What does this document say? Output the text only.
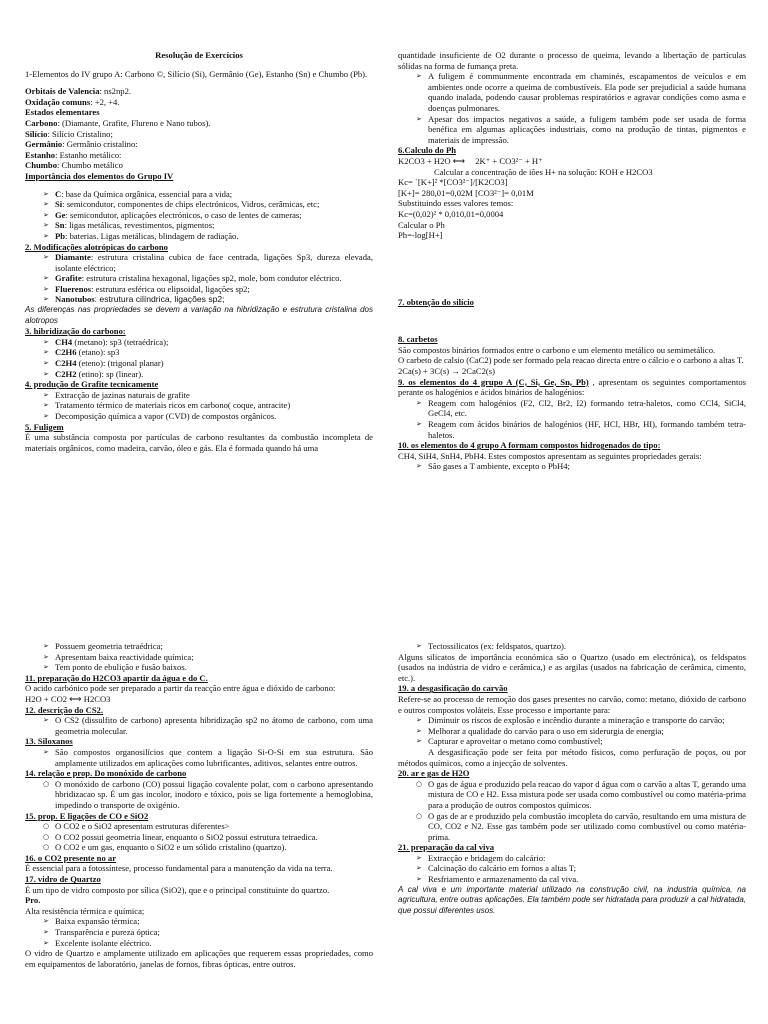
Resolução de Exercícios

1-Elementos do IV grupo A: Carbono ©, Silício (Si), Germânio (Ge), Estanho (Sn) e Chumbo (Pb).

Orbitais de Valencia: ns2np2.

Oxidação comuns: +2, +4.

Estados elementares

Carbono: (Diamante, Grafite, Flureno e Nano tubos).

Silício: Silício Cristalino;

Germânio: Germânio cristalino:

Estanho: Estanho metálico:

Chumbo: Chumbo metálico

Importância dos elementos do Grupo IV

➢ C: base da Química orgânica, essencial para a vida;
➢ Si: semicondutor, componentes de chips electrónicos, Vidros, cerâmicas, etc;
➢ Ge: semicondutor, aplicações electrónicos, o caso de lentes de cameras;
➢ Sn: ligas metálicas, revestimentos, pigmentos;
➢ Pb: baterias. Ligas metálicas, blindagem de radiação.

2. Modificações alotrópicas do carbono

➢ Diamante: estrutura cristalina cubica de face centrada, ligações Sp3, dureza elevada, isolante eléctrico;
➢ Grafite: estrutura cristalina hexagonal, ligações sp2, mole, bom condutor eléctrico.
➢ Fluerenos: estrutura esférica ou elipsoidal, ligações sp2;
➢ Nanotubos: estrutura cilíndrica, ligações sp2;

As diferenças nas propriedades se devem a variação na hibridização e estrutura cristalina dos alotropos

3. hibridização do carbono:

➢ CH4 (metano): sp3 (tetraédrica);
➢ C2H6 (etano): sp3
➢ C2H4 (eteno): (trigonal planar)
➢ C2H2 (etino): sp (linear).

4. produção de Grafite tecnicamente

➢ Extracção de jazinas naturais de grafite
➢ Tratamento térmico de materiais ricos em carbono( coque, antracite)
➢ Decomposição química a vapor (CVD) de compostos orgânicos.

5. Fuligem

É uma substância composta por partículas de carbono resultantes da combustão incompleta de materiais orgânicos, como madeira, carvão, óleo e gás. Ela é formada quando há uma

quantidade insuficiente de O2 durante o processo de queima, levando a libertação de partículas sólidas na forma de fumança preta.

➢ A fuligem é communmente encontrada em chaminés, escapamentos de veículos e em ambientes onde ocorre a queima de combustíveis. Ela pode ser prejudicial a saúde humana quando inalada, podendo causar problemas respiratórios e agravar condições como asma e doenças pulmonares.
➢ Apesar dos impactos negativos a saúde, a fuligem também pode ser usada de forma benéfica em algumas aplicações industriais, como na produção de tintas, pigmentos e materiais de impressão.

6.Calculo do Ph

K2CO3 + H2O ⟷ 2K⁺ + CO3²⁻ + H⁺

Calcular a concentração de iões H+ na solução: KOH e H2CO3

Kc= `[K+]² *[CO3²⁻]/[K2CO3]

[K+]= 280,01=0,02M [CO3²⁻]= 0,01M

Substituindo esses valores temos:

Kc=(0,02)² * 0,010,01=0,0004

Calcular o Ph

Ph=-log[H+]

7. obtenção do silício

8. carbetos

São compostos binários formados entre o carbono e um elemento metálico ou semimetálico.

O carbeto de calsio (CaC2) pode ser formado pela reacao directa entre o cálcio e o carbono a altas T.

2Ca(s) + 3C(s) → 2CaC2(s)

9. os elementos do 4 grupo A (C, Si, Ge, Sn, Pb) , apresentam os seguintes comportamentos perante os halogénios e ácidos binários de halogénios:

➢ Reagem com halogénios (F2, Cl2, Br2, I2) formando tetra-haletos, como CCl4, SiCl4, GeCl4, etc.
➢ Reagem com ácidos binários de halogénios (HF, HCl, HBr, HI), formando também tetra-haletos.

10. os elementos do 4 grupo A formam compostos hidrogenados do tipo:

CH4, SiH4, SnH4, PbH4. Estes compostos apresentam as seguintes propriedades gerais:

➢ São gases a T ambiente, excepto o PbH4;
➢ Possuem geometria tetraédrica;
➢ Apresentam baixa reactividade química;
➢ Tem ponto de ebulição e fusão baixos.

11. preparação do H2CO3 apartir da água e do C.

O acido carbónico pode ser preparado a partir da reacção entre água e dióxido de carbono:

H2O + CO2 ⟷ H2CO3

12. descrição do CS2.

➢ O CS2 (dissulfito de carbono) apresenta hibridização sp2 no átomo de carbono, com uma geometria molecular.

13. Siloxanos

➢ São compostos organosilícios que contem a ligação Si-O-Si em sua estrutura. São amplamente utilizados em aplicações como lubrificantes, aditivos, selantes entre outros.

14. relação e prop. Do monóxido de carbono

○ O monóxido de carbono (CO) possui ligação covalente polar, com o carbono apresentando hbridizacao sp. É um gas incolor, inodoro e tóxico, pois se liga fortemente a hemoglobina, impedindo o transporte de oxigénio.

15. prop. E ligações de CO e SiO2

○ O CO2 e o SiO2 apresentam estruturas diferentes>
○ O CO2 possui geometria linear, enquanto o SiO2 possui estrutura tetraedica.
○ O CO2 e um gas, enquanto o SiO2 e um sólido cristalino (quartzo).

16. o CO2 presente no ar

É essencial para a fotossíntese, processo fundamental para a manutenção da vida na terra.

17. vidro de Quartzo

É um tipo de vidro composto por sílica (SiO2), que e o principal constituinte do quartzo.

Pro.

Alta resistência térmica e química;

➢ Baixa expansão térmica;
➢ Transparência e pureza óptica;
➢ Excelente isolante eléctrico.

O vidro de Quartzo e amplamente utilizado em aplicações que requerem essas propriedades, como em equipamentos de laboratório, janelas de fornos, fibras ópticas, entre outros.

➢ Tectossilicatos (ex: feldspatos, quartzo).

Alguns silicatos de importância económica são o Quartzo (usado em electrónica), os feldspatos (usados na indústria de vidro e cerâmica,) e as argilas (usados na fabricação de cerâmica, cimento, etc.).

19. a desgasificação do carvão

Refere-se ao processo de remoção dos gases presentes no carvão, como: metano, dióxido de carbono e outros compostos voláteis. Esse processo e importante para:

➢ Diminuir os riscos de explosão e incêndio durante a mineração e transporte do carvão;
➢ Melhorar a qualidade do carvão para o uso em siderurgia de energia;
➢ Capturar e aproveitar o metano como combustível;

A desgasificação pode ser feita por método físicos, como perfuração de poços, ou por métodos químicos, como a injecção de solventes.

20. ar e gas de H2O

○ O gas de água e produzido pela reacao do vapor d água com o carvão a altas T, gerando uma mistura de CO e H2. Essa mistura pode ser usada como combustível ou como matéria-prima para a produção de outros compostos químicos.
○ O gas de ar e produzido pela combustão imcopleta do carvão, resultando em uma mistura de CO, CO2 e N2. Esse gas também pode ser utilizado como combustível ou como matéria-prima.

21. preparação da cal viva

➢ Extracção e bridagem do calcário:
➢ Calcinação do calcário em fornos a altas T;
➢ Resfriamento e armazenamento da cal viva.

A cal viva e um importante material utilizado na construção civil, na industria química, na agricultura, entre outras aplicações. Ela também pode ser hidratada para produzir a cal hidratada, que possui diferentes usos.
